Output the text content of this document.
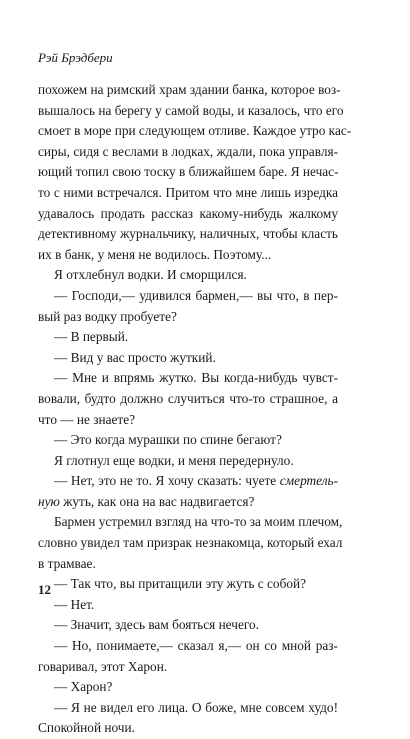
Рэй Брэдбери
похожем на римский храм здании банка, которое воз-
вышалось на берегу у самой воды, и казалось, что его
смоет в море при следующем отливе. Каждое утро кас-
сиры, сидя с веслами в лодках, ждали, пока управля-
ющий топил свою тоску в ближайшем баре. Я нечас-
то с ними встречался. Притом что мне лишь изредка
удавалось продать рассказ какому-нибудь жалкому
детективному журнальчику, наличных, чтобы класть
их в банк, у меня не водилось. Поэтому...
Я отхлебнул водки. И сморщился.
— Господи,— удивился бармен,— вы что, в пер-
вый раз водку пробуете?
— В первый.
— Вид у вас просто жуткий.
— Мне и впрямь жутко. Вы когда-нибудь чувст-
вовали, будто должно случиться что-то страшное, а
что — не знаете?
— Это когда мурашки по спине бегают?
Я глотнул еще водки, и меня передернуло.
— Нет, это не то. Я хочу сказать: чуете смертель-
ную жуть, как она на вас надвигается?
Бармен устремил взгляд на что-то за моим плечом,
словно увидел там призрак незнакомца, который ехал
в трамвае.
— Так что, вы притащили эту жуть с собой?
— Нет.
— Значит, здесь вам бояться нечего.
— Но, понимаете,— сказал я,— он со мной раз-
говаривал, этот Харон.
— Харон?
— Я не видел его лица. О боже, мне совсем худо!
Спокойной ночи.
12
